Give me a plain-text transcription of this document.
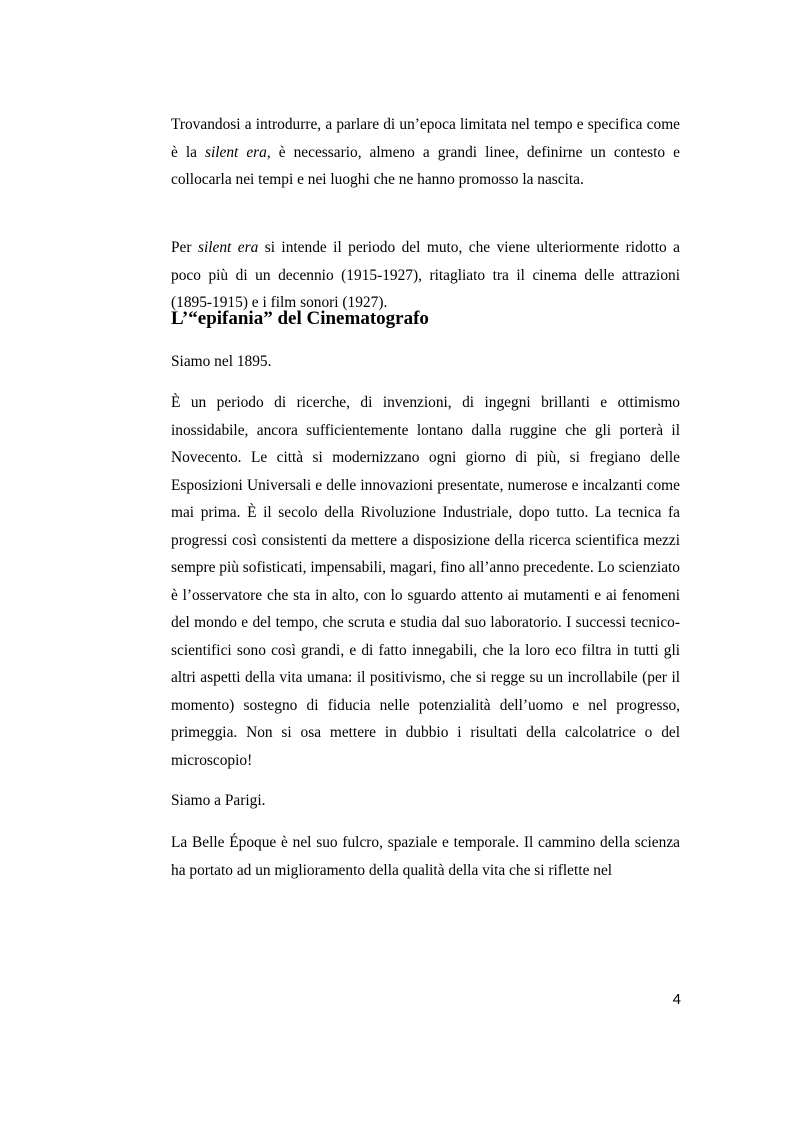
Trovandosi a introdurre, a parlare di un’epoca limitata nel tempo e specifica come è la silent era, è necessario, almeno a grandi linee, definirne un contesto e collocarla nei tempi e nei luoghi che ne hanno promosso la nascita.

Per silent era si intende il periodo del muto, che viene ulteriormente ridotto a poco più di un decennio (1915-1927), ritagliato tra il cinema delle attrazioni (1895-1915) e i film sonori (1927).

L’“epifania” del Cinematografo

Siamo nel 1895.

È un periodo di ricerche, di invenzioni, di ingegni brillanti e ottimismo inossidabile, ancora sufficientemente lontano dalla ruggine che gli porterà il Novecento. Le città si modernizzano ogni giorno di più, si fregiano delle Esposizioni Universali e delle innovazioni presentate, numerose e incalzanti come mai prima. È il secolo della Rivoluzione Industriale, dopo tutto. La tecnica fa progressi così consistenti da mettere a disposizione della ricerca scientifica mezzi sempre più sofisticati, impensabili, magari, fino all’anno precedente. Lo scienziato è l’osservatore che sta in alto, con lo sguardo attento ai mutamenti e ai fenomeni del mondo e del tempo, che scruta e studia dal suo laboratorio. I successi tecnico-scientifici sono così grandi, e di fatto innegabili, che la loro eco filtra in tutti gli altri aspetti della vita umana: il positivismo, che si regge su un incrollabile (per il momento) sostegno di fiducia nelle potenzialità dell’uomo e nel progresso, primeggia. Non si osa mettere in dubbio i risultati della calcolatrice o del microscopio!

Siamo a Parigi.

La Belle Époque è nel suo fulcro, spaziale e temporale. Il cammino della scienza ha portato ad un miglioramento della qualità della vita che si riflette nel

4
